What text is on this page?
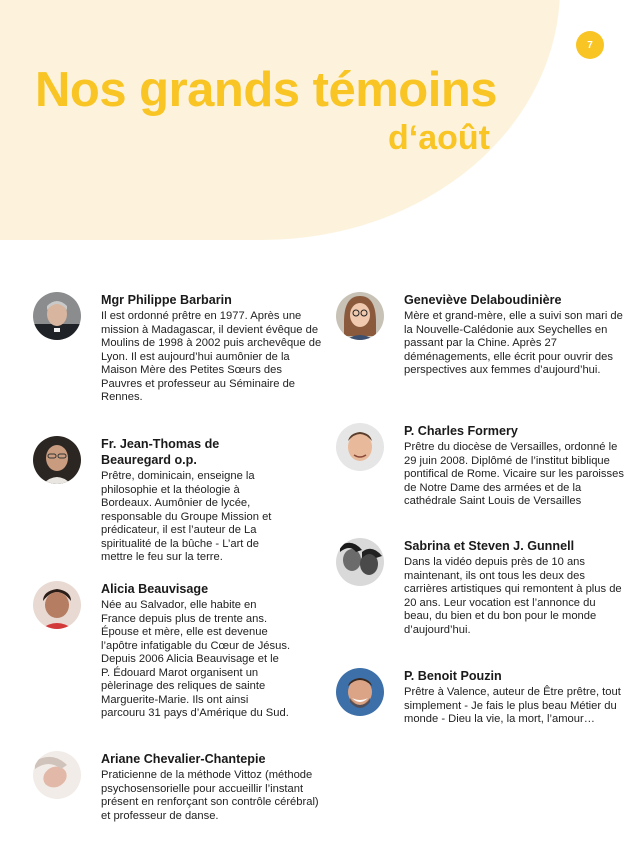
7
Nos grands témoins
d‘août
Mgr Philippe Barbarin

Il est ordonné prêtre en 1977. Après une mission à Madagascar, il devient évêque de Moulins de 1998 à 2002 puis archevêque de Lyon. Il est aujourd’hui aumônier de la Maison Mère des Petites Sœurs des Pauvres et professeur au Séminaire de Rennes.

Fr. Jean-Thomas de Beauregard o.p.

Prêtre, dominicain, enseigne la philosophie et la théologie à Bordeaux. Aumônier de lycée, responsable du Groupe Mission et prédicateur, il est l’auteur de La spiritualité de la bûche - L’art de mettre le feu sur la terre.

Alicia Beauvisage

Née au Salvador, elle habite en France depuis plus de trente ans. Épouse et mère, elle est devenue l’apôtre infatigable du Cœur de Jésus. Depuis 2006 Alicia Beauvisage et le P. Édouard Marot organisent un pèlerinage des reliques de sainte Marguerite-Marie. Ils ont ainsi parcouru 31 pays d’Amérique du Sud.

Ariane Chevalier-Chantepie

Praticienne de la méthode Vittoz (méthode psychosensorielle pour accueillir l’instant présent en renforçant son contrôle cérébral) et professeur de danse.

Geneviève Delaboudinière

Mère et grand-mère, elle a suivi son mari de la Nouvelle-Calédonie aux Seychelles en passant par la Chine. Après 27 déménagements, elle écrit pour ouvrir des perspectives aux femmes d’aujourd’hui.

P. Charles Formery

Prêtre du diocèse de Versailles, ordonné le 29 juin 2008. Diplômé de l’institut biblique pontifical de Rome. Vicaire sur les paroisses de Notre Dame des armées et de la cathédrale Saint Louis de Versailles

Sabrina et Steven J. Gunnell

Dans la vidéo depuis près de 10 ans maintenant, ils ont tous les deux des carrières artistiques qui remontent à plus de 20 ans. Leur vocation est l’annonce du beau, du bien et du bon pour le monde d’aujourd’hui.

P. Benoit Pouzin

Prêtre à Valence, auteur de Être prêtre, tout simplement - Je fais le plus beau Métier du monde - Dieu la vie, la mort, l’amour…
